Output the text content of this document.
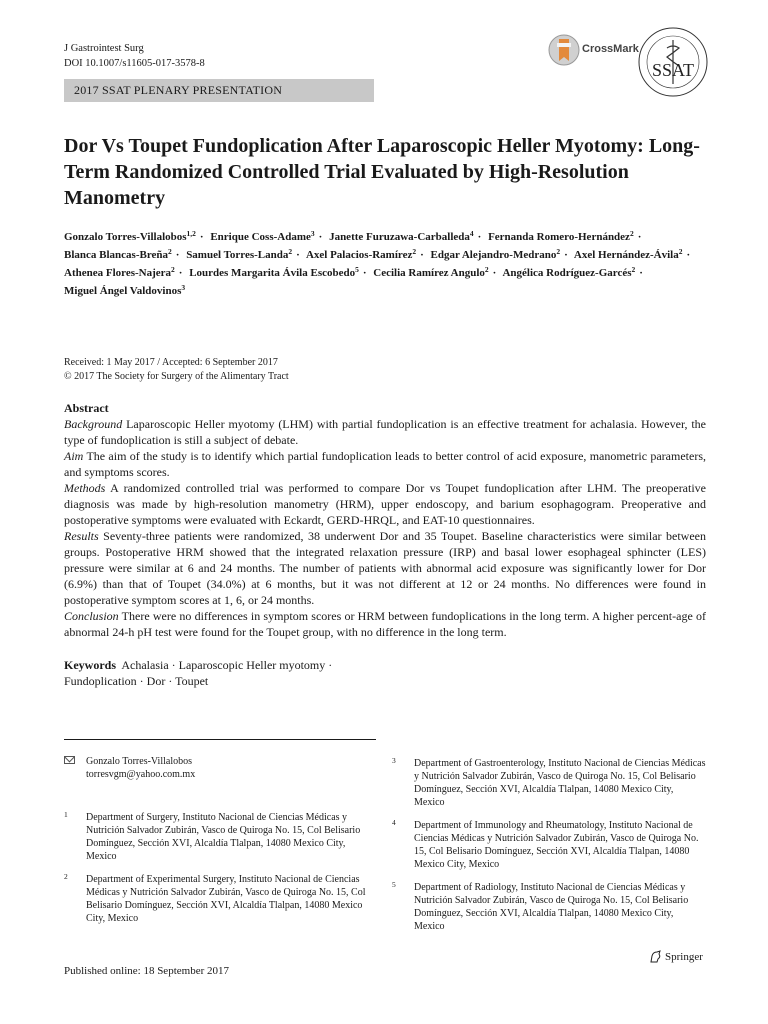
J Gastrointest Surg
DOI 10.1007/s11605-017-3578-8
2017 SSAT PLENARY PRESENTATION
CrossMark
SSAT
Dor Vs Toupet Fundoplication After Laparoscopic Heller Myotomy: Long-Term Randomized Controlled Trial Evaluated by High-Resolution Manometry
Gonzalo Torres-Villalobos$^{1,2}$ · Enrique Coss-Adame$^3$ · Janette Furuzawa-Carballeda$^4$ · Fernanda Romero-Hernández$^2$ · Blanca Blancas-Breña$^2$ · Samuel Torres-Landa$^2$ · Axel Palacios-Ramírez$^2$ · Edgar Alejandro-Medrano$^2$ · Axel Hernández-Ávila$^2$ · Athenea Flores-Najera$^2$ · Lourdes Margarita Ávila Escobedo$^5$ · Cecilia Ramírez Angulo$^2$ · Angélica Rodríguez-Garcés$^2$ · Miguel Ángel Valdovinos$^3$
Received: 1 May 2017 / Accepted: 6 September 2017
© 2017 The Society for Surgery of the Alimentary Tract
Abstract

Background Laparoscopic Heller myotomy (LHM) with partial fundoplication is an effective treatment for achalasia. However, the type of fundoplication is still a subject of debate.

Aim The aim of the study is to identify which partial fundoplication leads to better control of acid exposure, manometric parameters, and symptoms scores.

Methods A randomized controlled trial was performed to compare Dor vs Toupet fundoplication after LHM. The preoperative diagnosis was made by high-resolution manometry (HRM), upper endoscopy, and barium esophagogram. Preoperative and postoperative symptoms were evaluated with Eckardt, GERD-HRQL, and EAT-10 questionnaires.

Results Seventy-three patients were randomized, 38 underwent Dor and 35 Toupet. Baseline characteristics were similar between groups. Postoperative HRM showed that the integrated relaxation pressure (IRP) and basal lower esophageal sphincter (LES) pressure were similar at 6 and 24 months. The number of patients with abnormal acid exposure was significantly lower for Dor (6.9%) than that of Toupet (34.0%) at 6 months, but it was not different at 12 or 24 months. No differences were found in postoperative symptom scores at 1, 6, or 24 months.

Conclusion There were no differences in symptom scores or HRM between fundoplications in the long term. A higher percent-age of abnormal 24-h pH test were found for the Toupet group, with no difference in the long term.

Keywords Achalasia · Laparoscopic Heller myotomy ·
Fundoplication · Dor · Toupet
Gonzalo Torres-Villalobos
torresvgm@yahoo.com.mx
1 Department of Surgery, Instituto Nacional de Ciencias Médicas y Nutrición Salvador Zubirán, Vasco de Quiroga No. 15, Col Belisario Domínguez, Sección XVI, Alcaldía Tlalpan, 14080 Mexico City, Mexico
2 Department of Experimental Surgery, Instituto Nacional de Ciencias Médicas y Nutrición Salvador Zubirán, Vasco de Quiroga No. 15, Col Belisario Domínguez, Sección XVI, Alcaldía Tlalpan, 14080 Mexico City, Mexico
3 Department of Gastroenterology, Instituto Nacional de Ciencias Médicas y Nutrición Salvador Zubirán, Vasco de Quiroga No. 15, Col Belisario Domínguez, Sección XVI, Alcaldía Tlalpan, 14080 Mexico City, Mexico
4 Department of Immunology and Rheumatology, Instituto Nacional de Ciencias Médicas y Nutrición Salvador Zubirán, Vasco de Quiroga No. 15, Col Belisario Domínguez, Sección XVI, Alcaldía Tlalpan, 14080 Mexico City, Mexico
5 Department of Radiology, Instituto Nacional de Ciencias Médicas y Nutrición Salvador Zubirán, Vasco de Quiroga No. 15, Col Belisario Domínguez, Sección XVI, Alcaldía Tlalpan, 14080 Mexico City, Mexico
Published online: 18 September 2017
Springer
